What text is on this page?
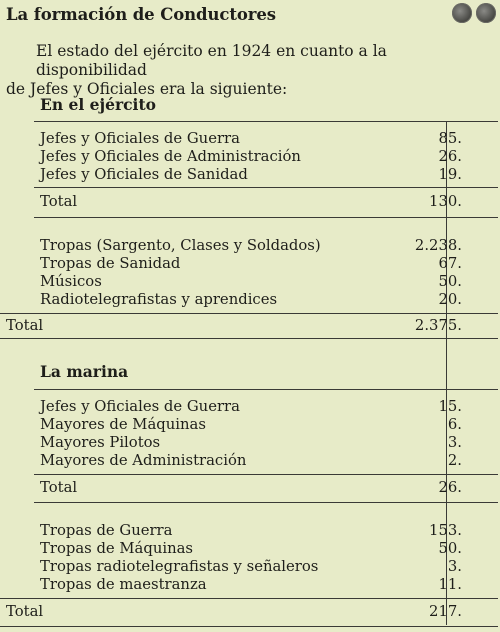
La formación de Conductores
El estado del ejército en 1924 en cuanto a la disponibilidad
de Jefes y Oficiales era la siguiente:
En el ejército
Jefes y Oficiales de Guerra	85.
Jefes y Oficiales de Administración	26.
Jefes y Oficiales de Sanidad	19.
Total	130.
Tropas (Sargento, Clases y Soldados)	2.238.
Tropas de Sanidad	67.
Músicos	50.
Radiotelegrafistas y aprendices	20.
Total	2.375.
La marina
Jefes y Oficiales de Guerra	15.
Mayores de Máquinas	6.
Mayores Pilotos	3.
Mayores de Administración	2.
Total	26.
Tropas de Guerra	153.
Tropas de Máquinas	50.
Tropas radiotelegrafistas y señaleros	3.
Tropas de maestranza	11.
Total	217.
